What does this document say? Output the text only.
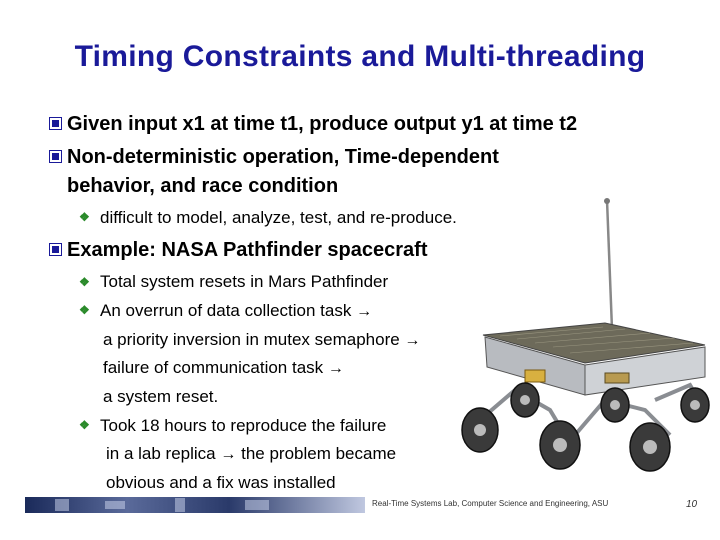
Timing Constraints and Multi-threading
Given input x1 at time t1, produce output y1 at time t2
Non-deterministic operation, Time-dependent
behavior, and race condition
❖ difficult to model, analyze, test, and re-produce.
Example: NASA Pathfinder spacecraft
❖ Total system resets in Mars Pathfinder
❖ An overrun of data collection task →
a priority inversion in mutex semaphore →
failure of communication task →
a system reset.
❖ Took 18 hours to reproduce the failure
in a lab replica → the problem became
obvious and a fix was installed
Real-Time Systems Lab, Computer Science and Engineering, ASU	10
